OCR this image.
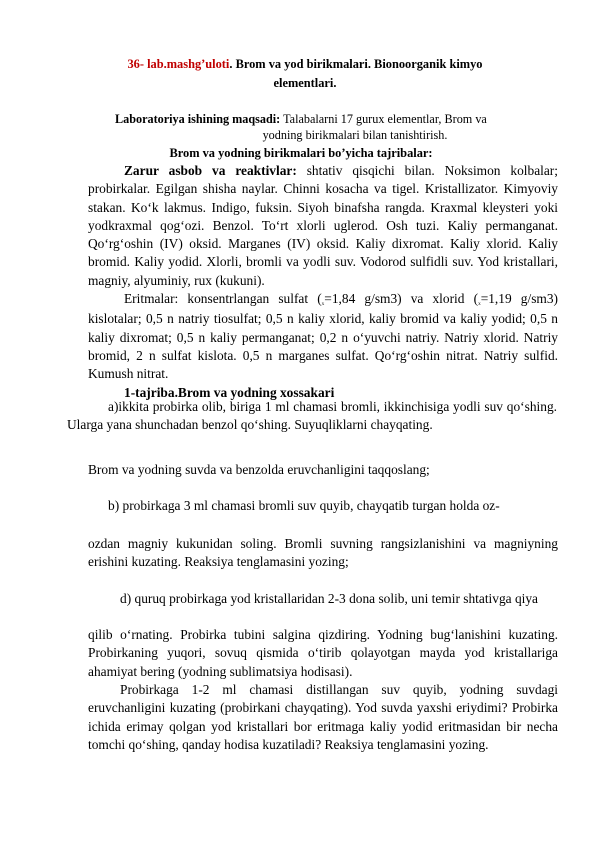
36- lab.mashg’uloti. Brom va yod birikmalari. Bionoorganik kimyo
elementlari.
Laboratoriya ishining maqsadi: Talabalarni 17 gurux elementlar, Brom va
yodning birikmalari bilan tanishtirish.
Brom va yodning birikmalari bo’yicha tajribalar:

Zarur asbob va reaktivlar: shtativ qisqichi bilan. Noksimon kolbalar; probirkalar. Egilgan shisha naylar. Chinni kosacha va tigel. Kristallizator. Kimyoviy stakan. Ko‘k lakmus. Indigo, fuksin. Siyoh binafsha rangda. Kraxmal kleysteri yoki yodkraxmal qog‘ozi. Benzol. To‘rt xlorli uglerod. Osh tuzi. Kaliy permanganat. Qo‘rg‘oshin (IV) oksid. Marganes (IV) oksid. Kaliy dixromat. Kaliy xlorid. Kaliy bromid. Kaliy yodid. Xlorli, bromli va yodli suv. Vodorod sulfidli suv. Yod kristallari, magniy, alyuminiy, rux (kukuni).

Eritmalar: konsentrlangan sulfat (ₓ=1,84 g/sm3) va xlorid (ₓ=1,19 g/sm3) kislotalar; 0,5 n natriy tiosulfat; 0,5 n kaliy xlorid, kaliy bromid va kaliy yodid; 0,5 n kaliy dixromat; 0,5 n kaliy permanganat; 0,2 n o‘yuvchi natriy. Natriy xlorid. Natriy bromid, 2 n sulfat kislota. 0,5 n marganes sulfat. Qo‘rg‘oshin nitrat. Natriy sulfid. Kumush nitrat.

1-tajriba.Brom va yodning xossakari

a)ikkita probirka olib, biriga 1 ml chamasi bromli, ikkinchisiga yodli suv qo‘shing. Ularga yana shunchadan benzol qo‘shing. Suyuqliklarni chayqating.

Brom va yodning suvda va benzolda eruvchanligini taqqoslang;

b) probirkaga 3 ml chamasi bromli suv quyib, chayqatib turgan holda oz-

ozdan magniy kukunidan soling. Bromli suvning rangsizlanishini va magniyning erishini kuzating. Reaksiya tenglamasini yozing;

d) quruq probirkaga yod kristallaridan 2-3 dona solib, uni temir shtativga qiya

qilib o‘rnating. Probirka tubini salgina qizdiring. Yodning bug‘lanishini kuzating. Probirkaning yuqori, sovuq qismida o‘tirib qolayotgan mayda yod kristallariga ahamiyat bering (yodning sublimatsiya hodisasi).

Probirkaga 1-2 ml chamasi distillangan suv quyib, yodning suvdagi eruvchanligini kuzating (probirkani chayqating). Yod suvda yaxshi eriydimi? Probirka ichida erimay qolgan yod kristallari bor eritmaga kaliy yodid eritmasidan bir necha tomchi qo‘shing, qanday hodisa kuzatiladi? Reaksiya tenglamasini yozing.
